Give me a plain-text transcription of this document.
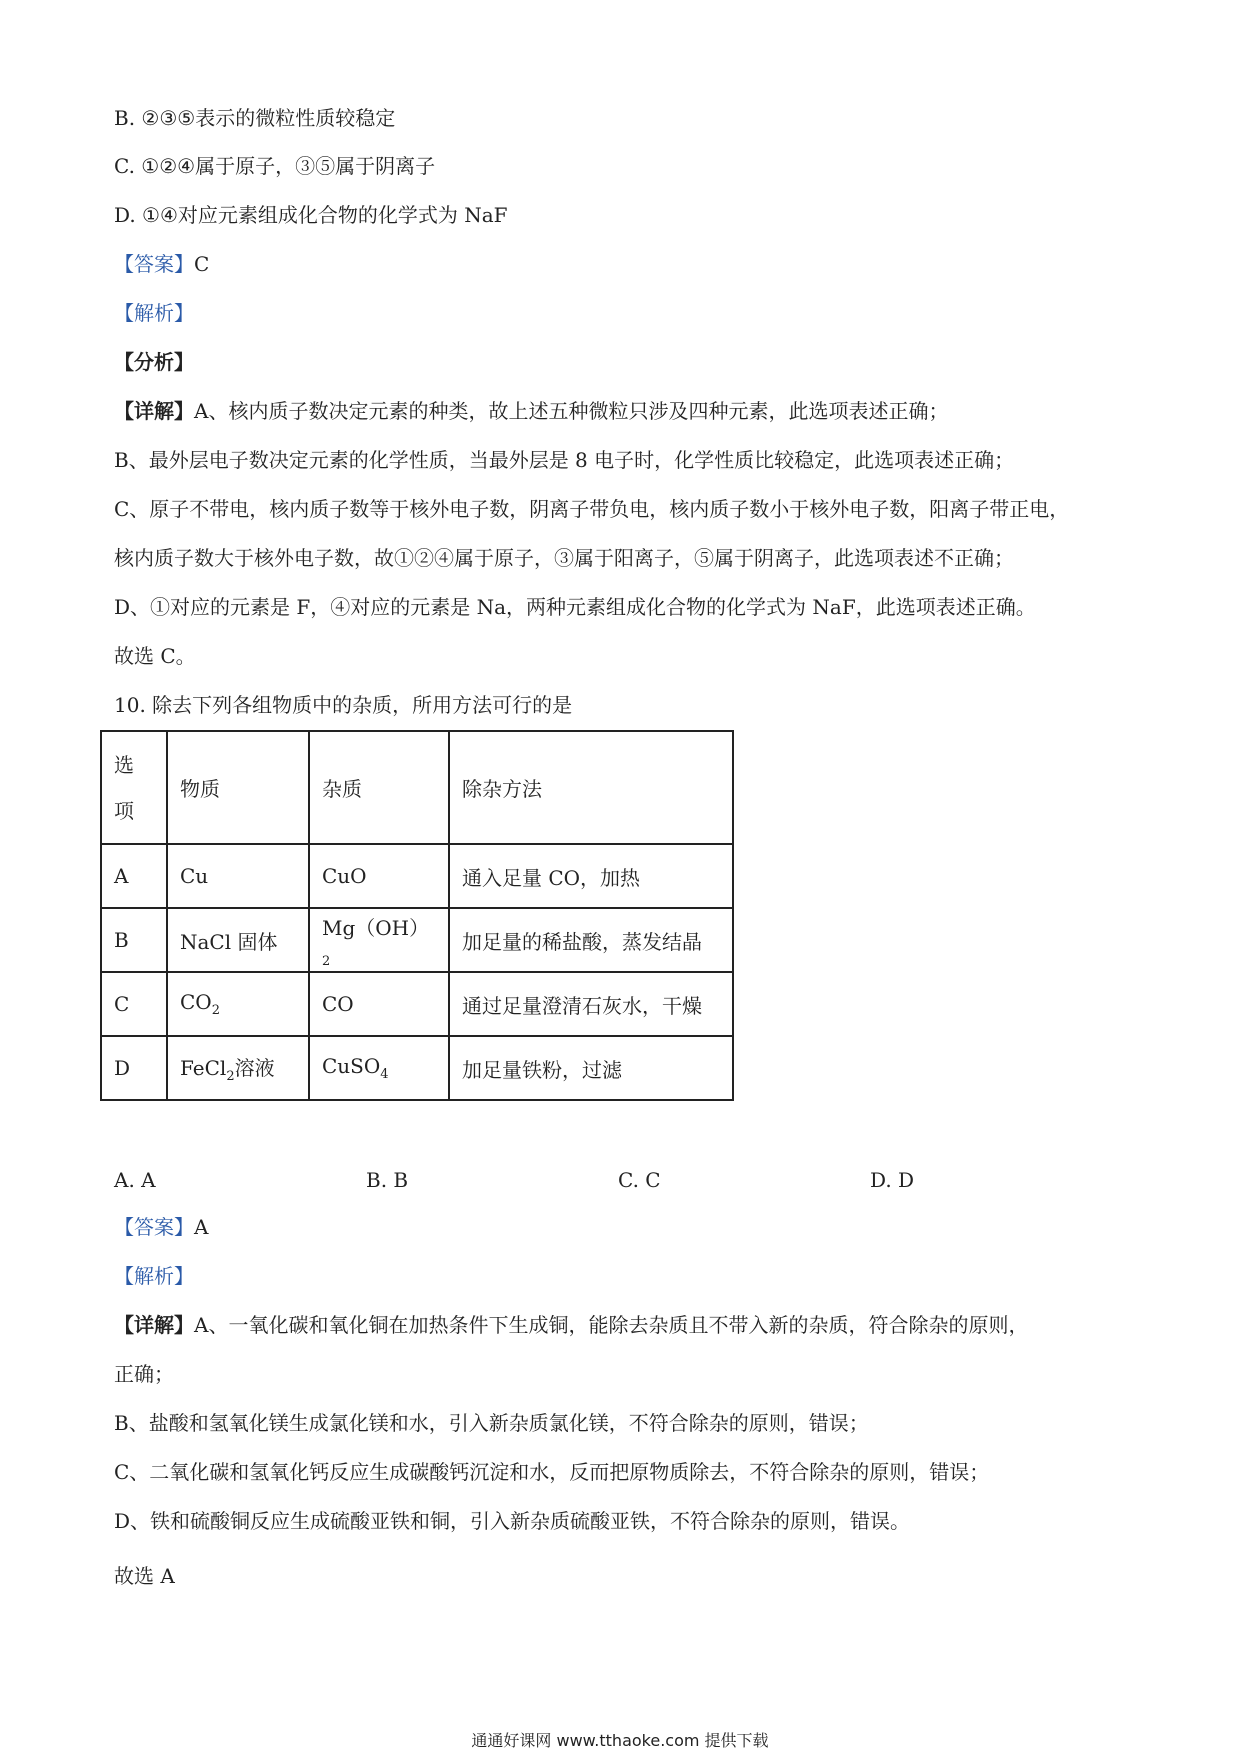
B. ②③⑤表示的微粒性质较稳定
C. ①②④属于原子，③⑤属于阴离子
D. ①④对应元素组成化合物的化学式为 NaF
【答案】C
【解析】
【分析】
【详解】A、核内质子数决定元素的种类，故上述五种微粒只涉及四种元素，此选项表述正确；
B、最外层电子数决定元素的化学性质，当最外层是 8 电子时，化学性质比较稳定，此选项表述正确；
C、原子不带电，核内质子数等于核外电子数，阴离子带负电，核内质子数小于核外电子数，阳离子带正电，
核内质子数大于核外电子数，故①②④属于原子，③属于阳离子，⑤属于阴离子，此选项表述不正确；
D、①对应的元素是 F，④对应的元素是 Na，两种元素组成化合物的化学式为 NaF，此选项表述正确。
故选 C。
10. 除去下列各组物质中的杂质，所用方法可行的是
选
项	物质	杂质	除杂方法
A	Cu	CuO	通入足量 CO，加热
B	NaCl 固体	$Mg(OH)_2$	加足量的稀盐酸，蒸发结晶
C	$CO_2$	CO	通过足量澄清石灰水，干燥
D	FeCl$_2$溶液	CuSO$_4$	加足量铁粉，过滤
A. A	B. B	C. C	D. D
【答案】A
【解析】
【详解】A、一氧化碳和氧化铜在加热条件下生成铜，能除去杂质且不带入新的杂质，符合除杂的原则，
正确；
B、盐酸和氢氧化镁生成氯化镁和水，引入新杂质氯化镁，不符合除杂的原则，错误；
C、二氧化碳和氢氧化钙反应生成碳酸钙沉淀和水，反而把原物质除去，不符合除杂的原则，错误；
D、铁和硫酸铜反应生成硫酸亚铁和铜，引入新杂质硫酸亚铁，不符合除杂的原则，错误。
故选 A
通通好课网 www.tthaoke.com 提供下载
